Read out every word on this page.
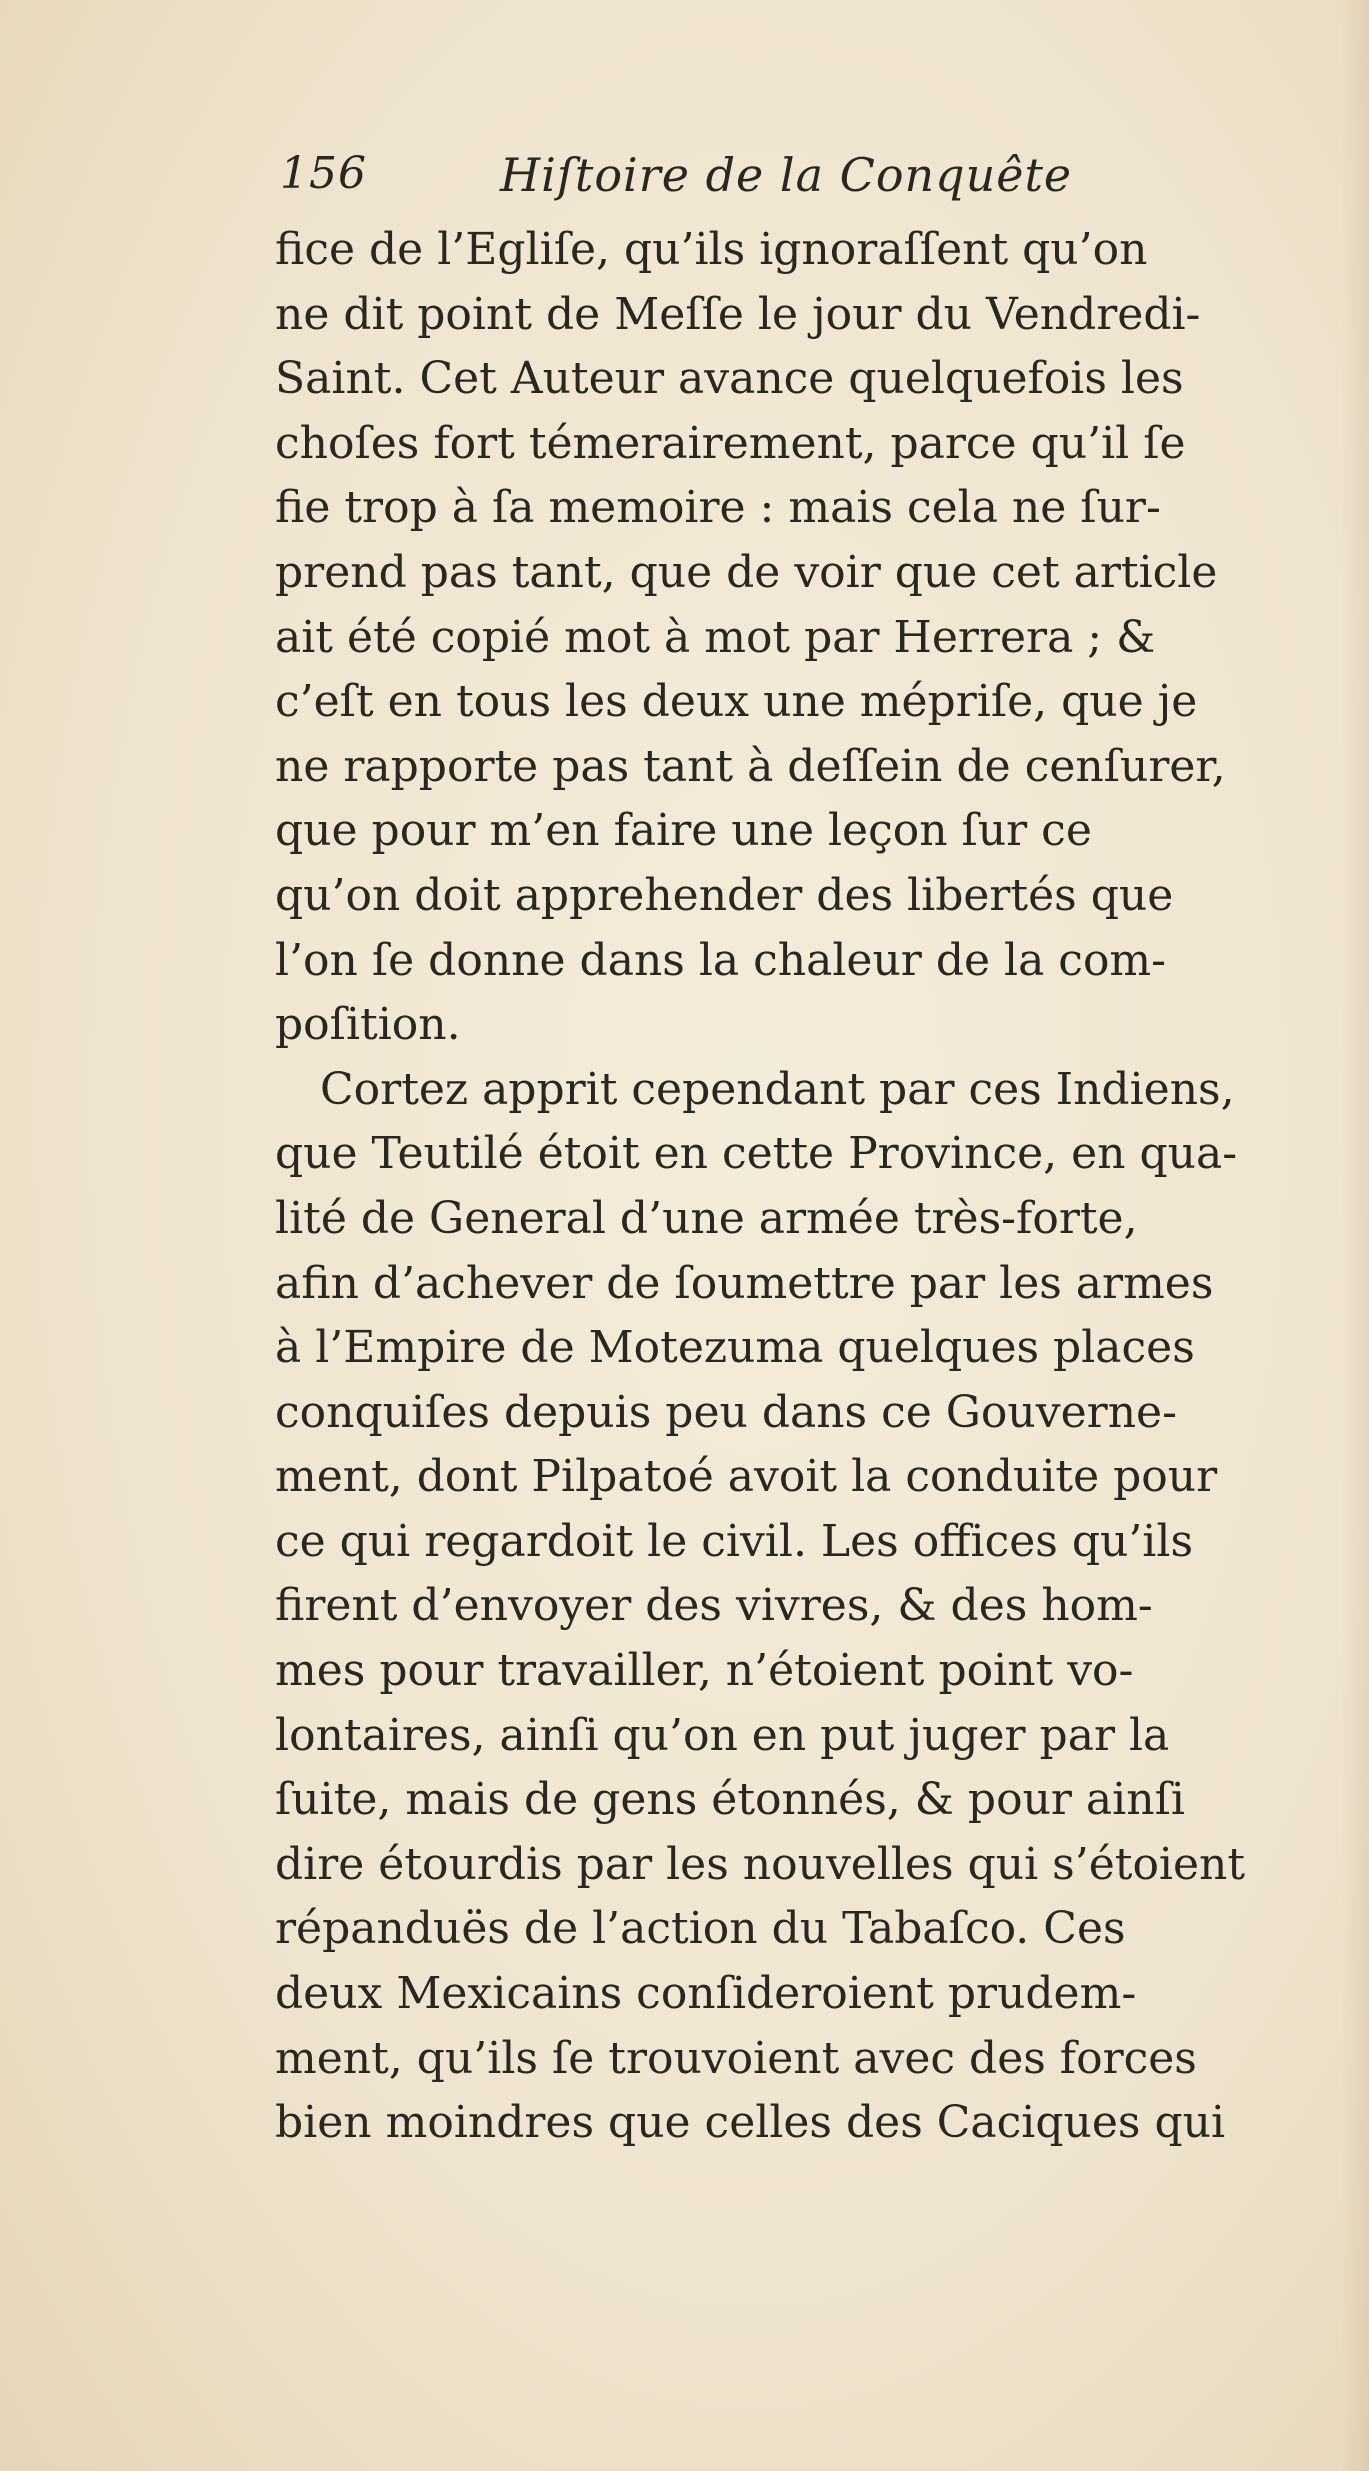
156	Hiſtoire de la Conquête
fice de l’Egliſe, qu’ils ignoraſſent qu’on
ne dit point de Meſſe le jour du Vendredi-
Saint. Cet Auteur avance quelquefois les
choſes fort témerairement, parce qu’il ſe
fie trop à ſa memoire : mais cela ne ſur-
prend pas tant, que de voir que cet article
ait été copié mot à mot par Herrera ; &
c’eſt en tous les deux une mépriſe, que je
ne rapporte pas tant à deſſein de cenſurer,
que pour m’en faire une leçon ſur ce
qu’on doit apprehender des libertés que
l’on ſe donne dans la chaleur de la com-
poſition.
Cortez apprit cependant par ces Indiens,
que Teutilé étoit en cette Province, en qua-
lité de General d’une armée très-forte,
afin d’achever de ſoumettre par les armes
à l’Empire de Motezuma quelques places
conquiſes depuis peu dans ce Gouverne-
ment, dont Pilpatoé avoit la conduite pour
ce qui regardoit le civil. Les offices qu’ils
firent d’envoyer des vivres, & des hom-
mes pour travailler, n’étoient point vo-
lontaires, ainſi qu’on en put juger par la
ſuite, mais de gens étonnés, & pour ainſi
dire étourdis par les nouvelles qui s’étoient
répanduës de l’action du Tabaſco. Ces
deux Mexicains conſideroient prudem-
ment, qu’ils ſe trouvoient avec des forces
bien moindres que celles des Caciques qui
